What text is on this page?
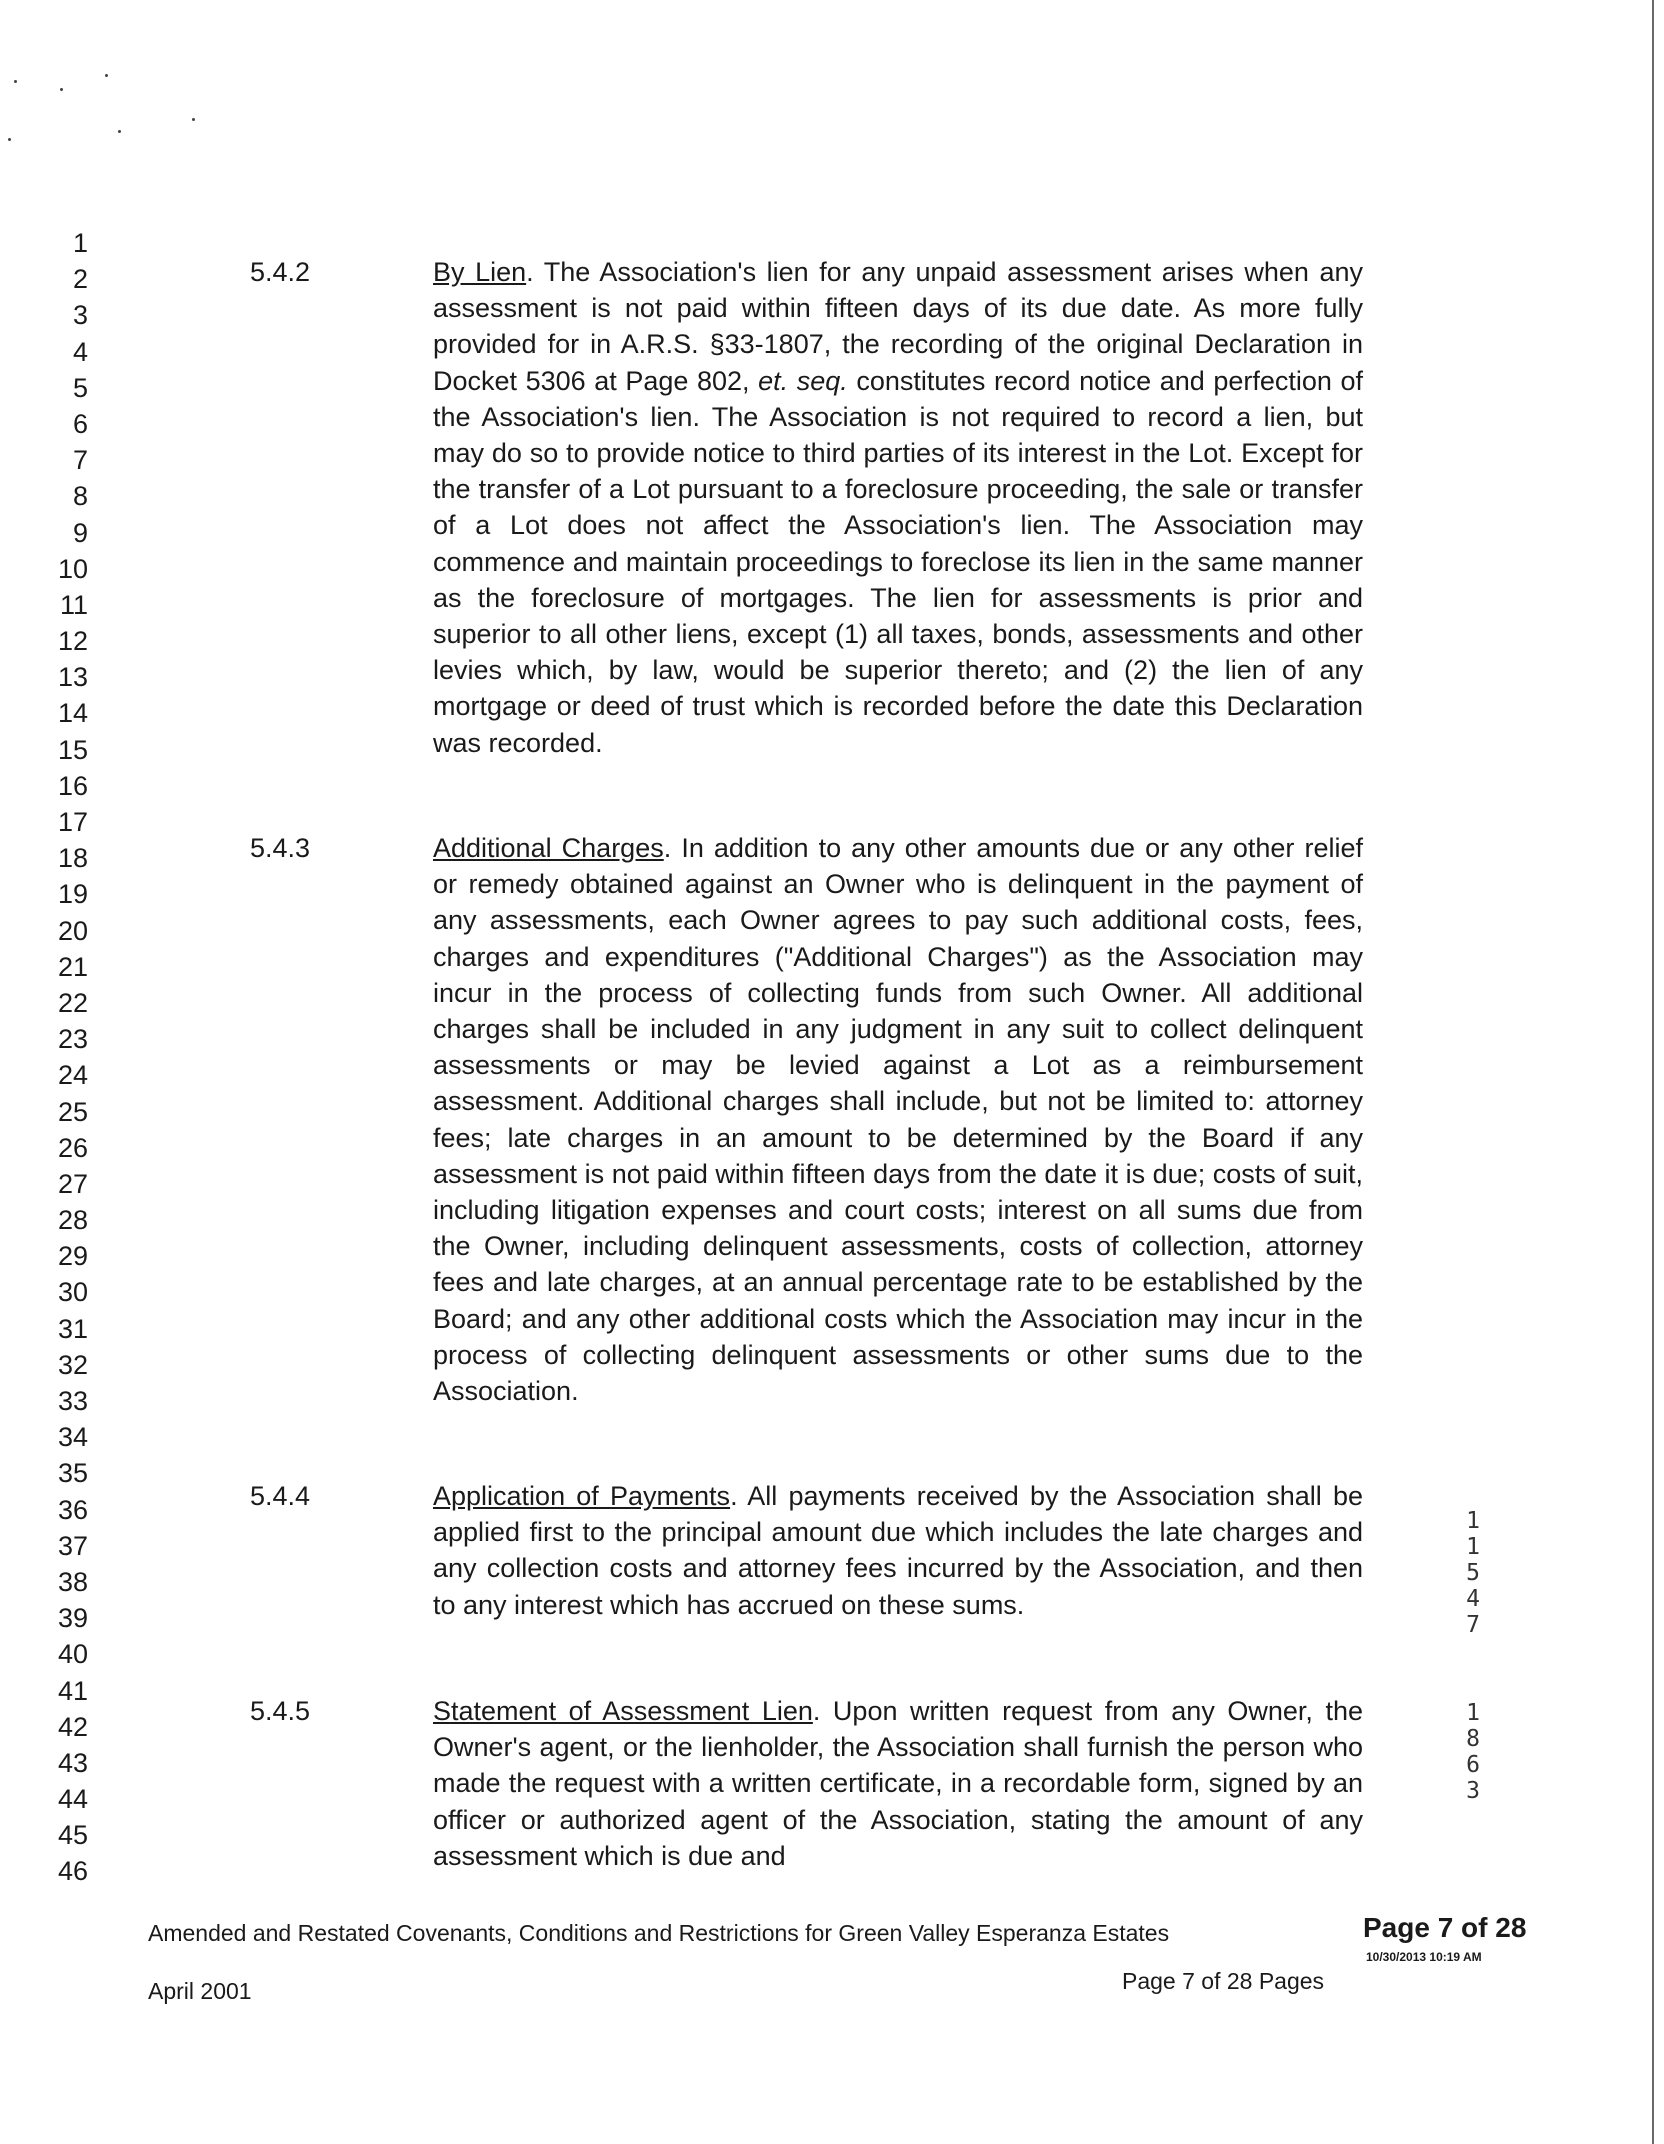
1
2
3
4
5
6
7
8
9
10
11
12
13
14
15
16
17
18
19
20
21
22
23
24
25
26
27
28
29
30
31
32
33
34
35
36
37
38
39
40
41
42
43
44
45
46
5.4.2	By Lien. The Association's lien for any unpaid assessment arises when any assessment is not paid within fifteen days of its due date. As more fully provided for in A.R.S. §33-1807, the recording of the original Declaration in Docket 5306 at Page 802, et. seq. constitutes record notice and perfection of the Association's lien. The Association is not required to record a lien, but may do so to provide notice to third parties of its interest in the Lot. Except for the transfer of a Lot pursuant to a foreclosure proceeding, the sale or transfer of a Lot does not affect the Association's lien. The Association may commence and maintain proceedings to foreclose its lien in the same manner as the foreclosure of mortgages. The lien for assessments is prior and superior to all other liens, except (1) all taxes, bonds, assessments and other levies which, by law, would be superior thereto; and (2) the lien of any mortgage or deed of trust which is recorded before the date this Declaration was recorded.

5.4.3	Additional Charges. In addition to any other amounts due or any other relief or remedy obtained against an Owner who is delinquent in the payment of any assessments, each Owner agrees to pay such additional costs, fees, charges and expenditures ("Additional Charges") as the Association may incur in the process of collecting funds from such Owner. All additional charges shall be included in any judgment in any suit to collect delinquent assessments or may be levied against a Lot as a reimbursement assessment. Additional charges shall include, but not be limited to: attorney fees; late charges in an amount to be determined by the Board if any assessment is not paid within fifteen days from the date it is due; costs of suit, including litigation expenses and court costs; interest on all sums due from the Owner, including delinquent assessments, costs of collection, attorney fees and late charges, at an annual percentage rate to be established by the Board; and any other additional costs which the Association may incur in the process of collecting delinquent assessments or other sums due to the Association.

5.4.4	Application of Payments. All payments received by the Association shall be applied first to the principal amount due which includes the late charges and any collection costs and attorney fees incurred by the Association, and then to any interest which has accrued on these sums.

5.4.5	Statement of Assessment Lien. Upon written request from any Owner, the Owner's agent, or the lienholder, the Association shall furnish the person who made the request with a written certificate, in a recordable form, signed by an officer or authorized agent of the Association, stating the amount of any assessment which is due and

1
1
5
4
7
1
8
6
3
Amended and Restated Covenants, Conditions and Restrictions for Green Valley Esperanza Estates
April 2001	Page 7 of 28 Pages
Page 7 of 28
10/30/2013 10:19 AM
